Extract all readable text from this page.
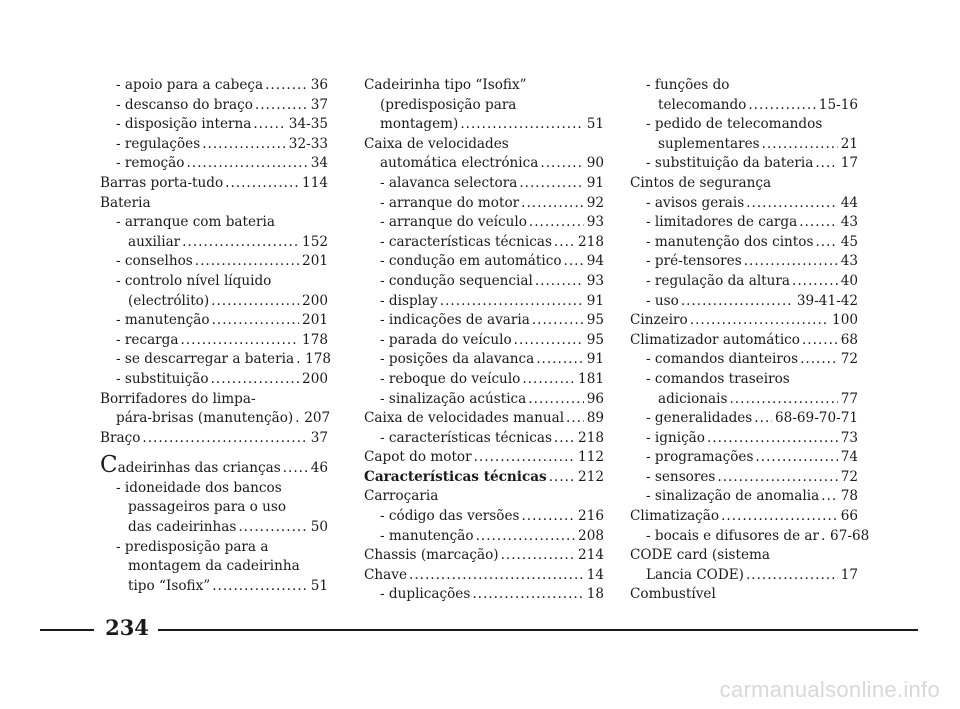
- apoio para a cabeça .....	36
- descanso do braço .....	37
- disposição interna .....	34-35
- regulações .....	32-33
- remoção .....	34
Barras porta-tudo .....	114
Bateria
- arranque com bateria
auxiliar .....	152
- conselhos .....	201
- controlo nível líquido
(electrólito) .....	200
- manutenção .....	201
- recarga .....	178
- se descarregar a bateria ..... 178
- substituição .....	200
Borrifadores do limpa-
pára-brisas (manutenção) ..... 207
Braço .....	37
Cadeirinhas das crianças ..... 46
- idoneidade dos bancos
passageiros para o uso
das cadeirinhas .....	50
- predisposição para a
montagem da cadeirinha
tipo “Isofix” .....	51
Cadeirinha tipo “Isofix”
(predisposição para
montagem) .....	51
Caixa de velocidades
automática electrónica .....	90
- alavanca selectora .....	91
- arranque do motor .....	92
- arranque do veículo .....	93
- características técnicas ..... 218
- condução em automático ..... 94
- condução sequencial .....	93
- display .....	91
- indicações de avaria .....	95
- parada do veículo .....	95
- posições da alavanca .....	91
- reboque do veículo .....	181
- sinalização acústica .....	96
Caixa de velocidades manual ..... 89
- características técnicas ..... 218
Capot do motor .....	112
Características técnicas ..... 212
Carroçaria
- código das versões .....	216
- manutenção .....	208
Chassis (marcação) .....	214
Chave .....	14
- duplicações .....	18
- funções do
telecomando .....	15-16
- pedido de telecomandos
suplementares .....	21
- substituição da bateria ..... 17
Cintos de segurança
- avisos gerais .....	44
- limitadores de carga .....	43
- manutenção dos cintos ..... 45
- pré-tensores .....	43
- regulação da altura .....	40
- uso .....	39-41-42
Cinzeiro .....	100
Climatizador automático .....	68
- comandos dianteiros .....	72
- comandos traseiros
adicionais .....	77
- generalidades ..... 68-69-70-71
- ignição .....	73
- programações .....	74
- sensores .....	72
- sinalização de anomalia ..... 78
Climatização .....	66
- bocais e difusores de ar ..... 67-68
CODE card (sistema
Lancia CODE) .....	17
Combustível
234
carmanualsonline.info
